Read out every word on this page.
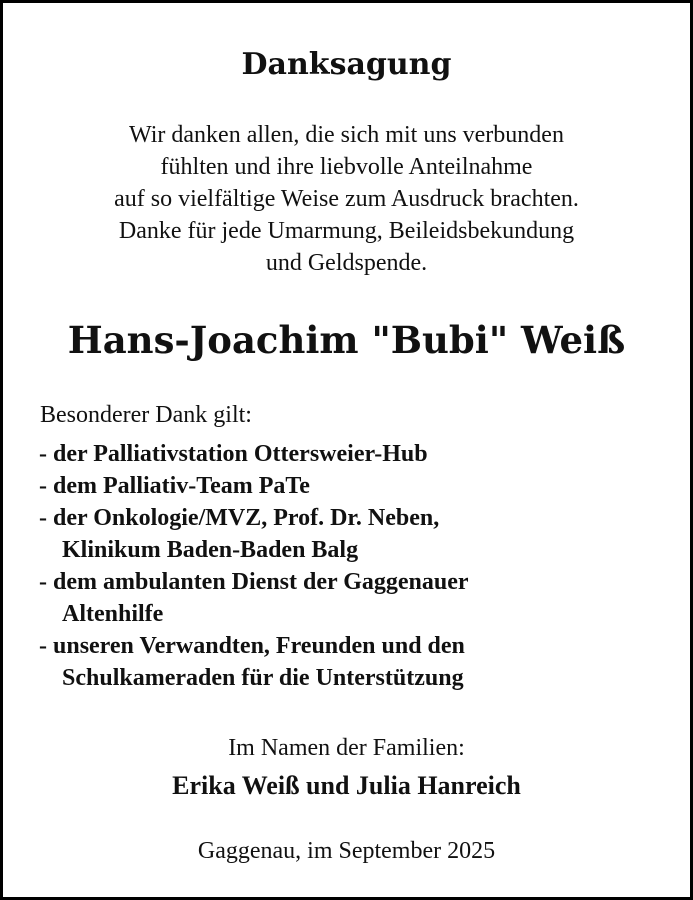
Danksagung
Wir danken allen, die sich mit uns verbunden
fühlten und ihre liebvolle Anteilnahme
auf so vielfältige Weise zum Ausdruck brachten.
Danke für jede Umarmung, Beileidsbekundung
und Geldspende.
Hans-Joachim "Bubi" Weiß
Besonderer Dank gilt:
- der Palliativstation Ottersweier-Hub
- dem Palliativ-Team PaTe
- der Onkologie/MVZ, Prof. Dr. Neben,
Klinikum Baden-Baden Balg
- dem ambulanten Dienst der Gaggenauer
Altenhilfe
- unseren Verwandten, Freunden und den
Schulkameraden für die Unterstützung
Im Namen der Familien:
Erika Weiß und Julia Hanreich
Gaggenau, im September 2025
